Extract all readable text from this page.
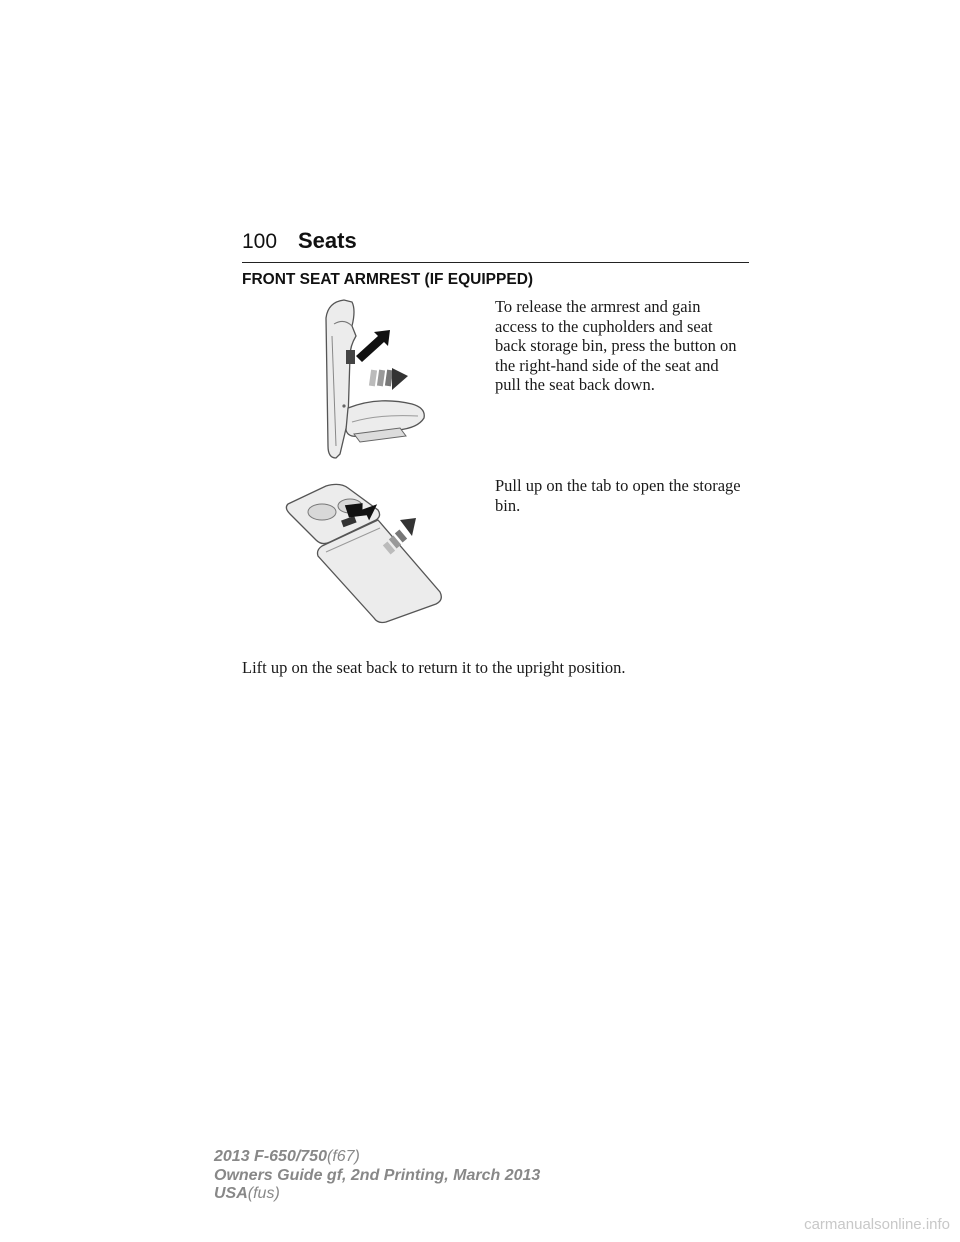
100 Seats
FRONT SEAT ARMREST (IF EQUIPPED)

To release the armrest and gain access to the cupholders and seat back storage bin, press the button on the right-hand side of the seat and pull the seat back down.

Pull up on the tab to open the storage bin.

Lift up on the seat back to return it to the upright position.

2013 F-650/750(f67)
Owners Guide gf, 2nd Printing, March 2013
USA(fus)
carmanualsonline.info
